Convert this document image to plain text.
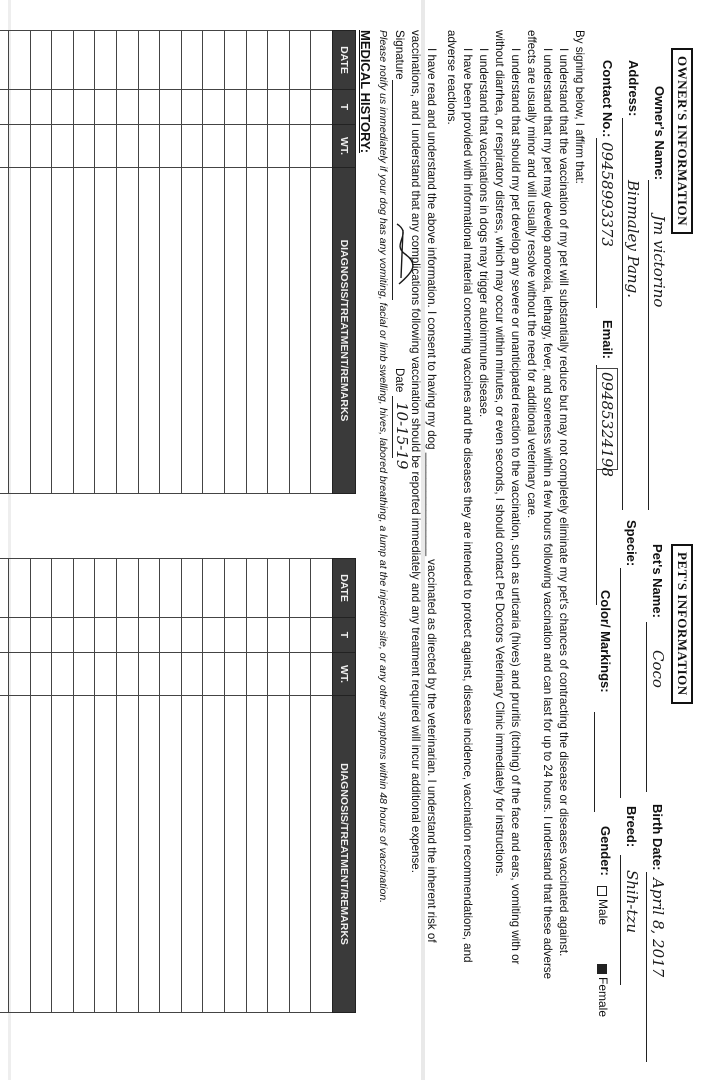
OWNER'S INFORMATION
Owner's Name:
Jm victorino
Address:
Binmaley Pang.
Contact No.:
09458993373
Email:
09485324198
PET'S INFORMATION
Pet's Name:
Coco
Birth Date:
April 8, 2017
Specie:
Breed:
Shih-tzu
Color/ Markings:
Gender:
Male
Female
By signing below, I affirm that:
I understand that the vaccination of my pet will substantially reduce but may not completely eliminate my pet's chances of contracting the disease or diseases vaccinated against.
I understand that my pet may develop anorexia, lethargy, fever, and soreness within a few hours following vaccination and can last for up to 24 hours. I understand that these adverse
effects are usually minor and will usually resolve without the need for additional veterinary care.
I understand that should my pet develop any severe or unanticipated reaction to the vaccination, such as urticaria (hives) and pruritis (itching) of the face and ears, vomiting with or
without diarrhea, or respiratory distress, which may occur within minutes, or even seconds, I should contact Pet Doctors Veterinary Clinic immediately for instructions.
I understand that vaccinations in dogs may trigger autoimmune disease.
I have been provided with informational material concerning vaccines and the diseases they are intended to protect against, disease incidence, vaccination recommendations, and
adverse reactions.
I have read and understand the above information. I consent to having my dog ________________ vaccinated as directed by the veterinarian. I understand the inherent risk of
vaccinations, and I understand that any complications following vaccination should be reported immediately and any treatment required will incur additional expense.
Signature
Date
10-15-19
Please notify us immediately if your dog has any vomiting, facial or limb swelling, hives, labored breathing, a lump at the injection site, or any other symptoms within 48 hours of vaccination.
MEDICAL HISTORY:
DATE	T	WT.	DIAGNOSIS/TREATMENT/REMARKS

DATE	T	WT.	DIAGNOSIS/TREATMENT/REMARKS
